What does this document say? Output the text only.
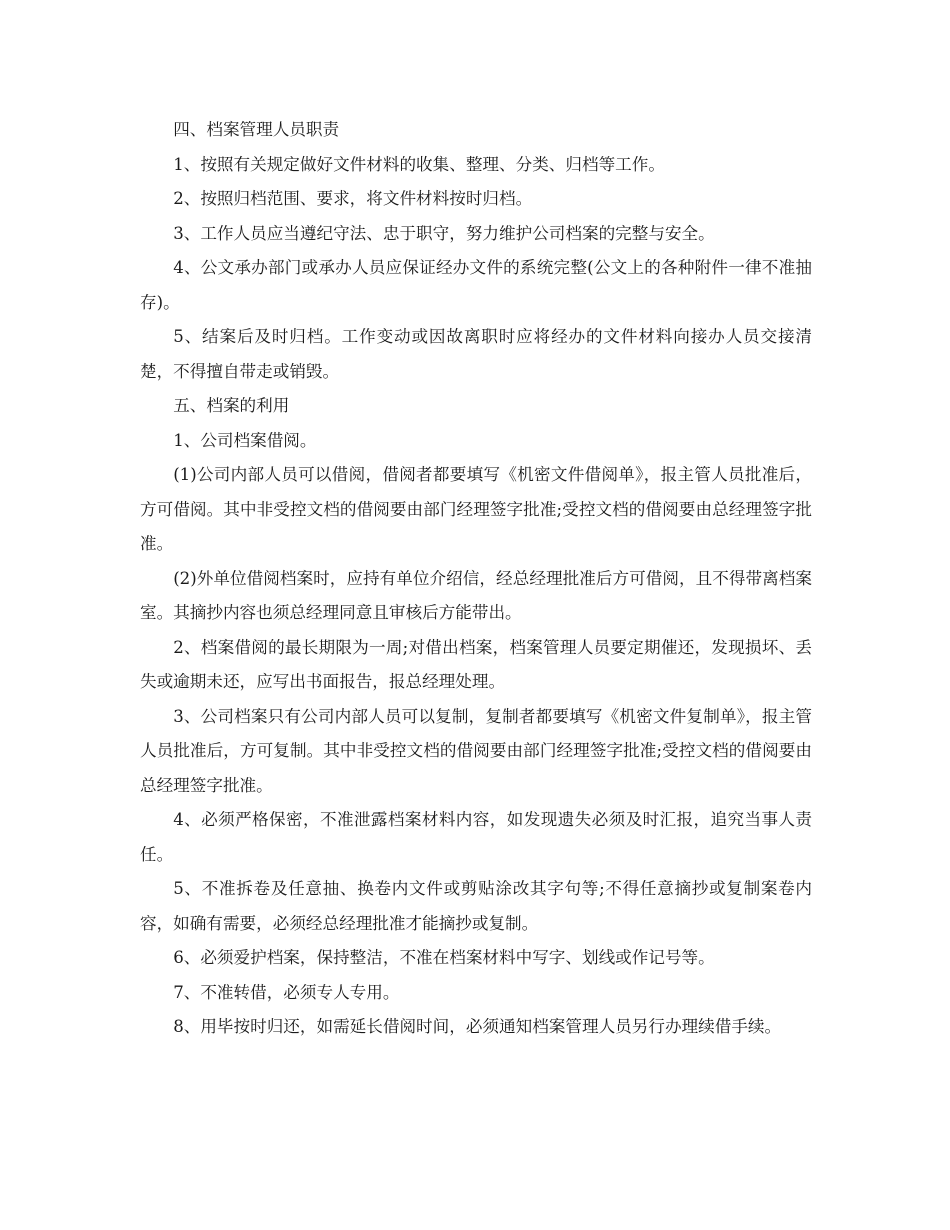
四、档案管理人员职责

1、按照有关规定做好文件材料的收集、整理、分类、归档等工作。

2、按照归档范围、要求，将文件材料按时归档。

3、工作人员应当遵纪守法、忠于职守，努力维护公司档案的完整与安全。

4、公文承办部门或承办人员应保证经办文件的系统完整(公文上的各种附件一律不准抽存)。

5、结案后及时归档。工作变动或因故离职时应将经办的文件材料向接办人员交接清楚，不得擅自带走或销毁。

五、档案的利用

1、公司档案借阅。

(1)公司内部人员可以借阅，借阅者都要填写《机密文件借阅单》，报主管人员批准后，方可借阅。其中非受控文档的借阅要由部门经理签字批准;受控文档的借阅要由总经理签字批准。

(2)外单位借阅档案时，应持有单位介绍信，经总经理批准后方可借阅，且不得带离档案室。其摘抄内容也须总经理同意且审核后方能带出。

2、档案借阅的最长期限为一周;对借出档案，档案管理人员要定期催还，发现损坏、丢失或逾期未还，应写出书面报告，报总经理处理。

3、公司档案只有公司内部人员可以复制，复制者都要填写《机密文件复制单》，报主管人员批准后，方可复制。其中非受控文档的借阅要由部门经理签字批准;受控文档的借阅要由总经理签字批准。

4、必须严格保密，不准泄露档案材料内容，如发现遗失必须及时汇报，追究当事人责任。

5、不准拆卷及任意抽、换卷内文件或剪贴涂改其字句等;不得任意摘抄或复制案卷内容，如确有需要，必须经总经理批准才能摘抄或复制。

6、必须爱护档案，保持整洁，不准在档案材料中写字、划线或作记号等。

7、不准转借，必须专人专用。

8、用毕按时归还，如需延长借阅时间，必须通知档案管理人员另行办理续借手续。
